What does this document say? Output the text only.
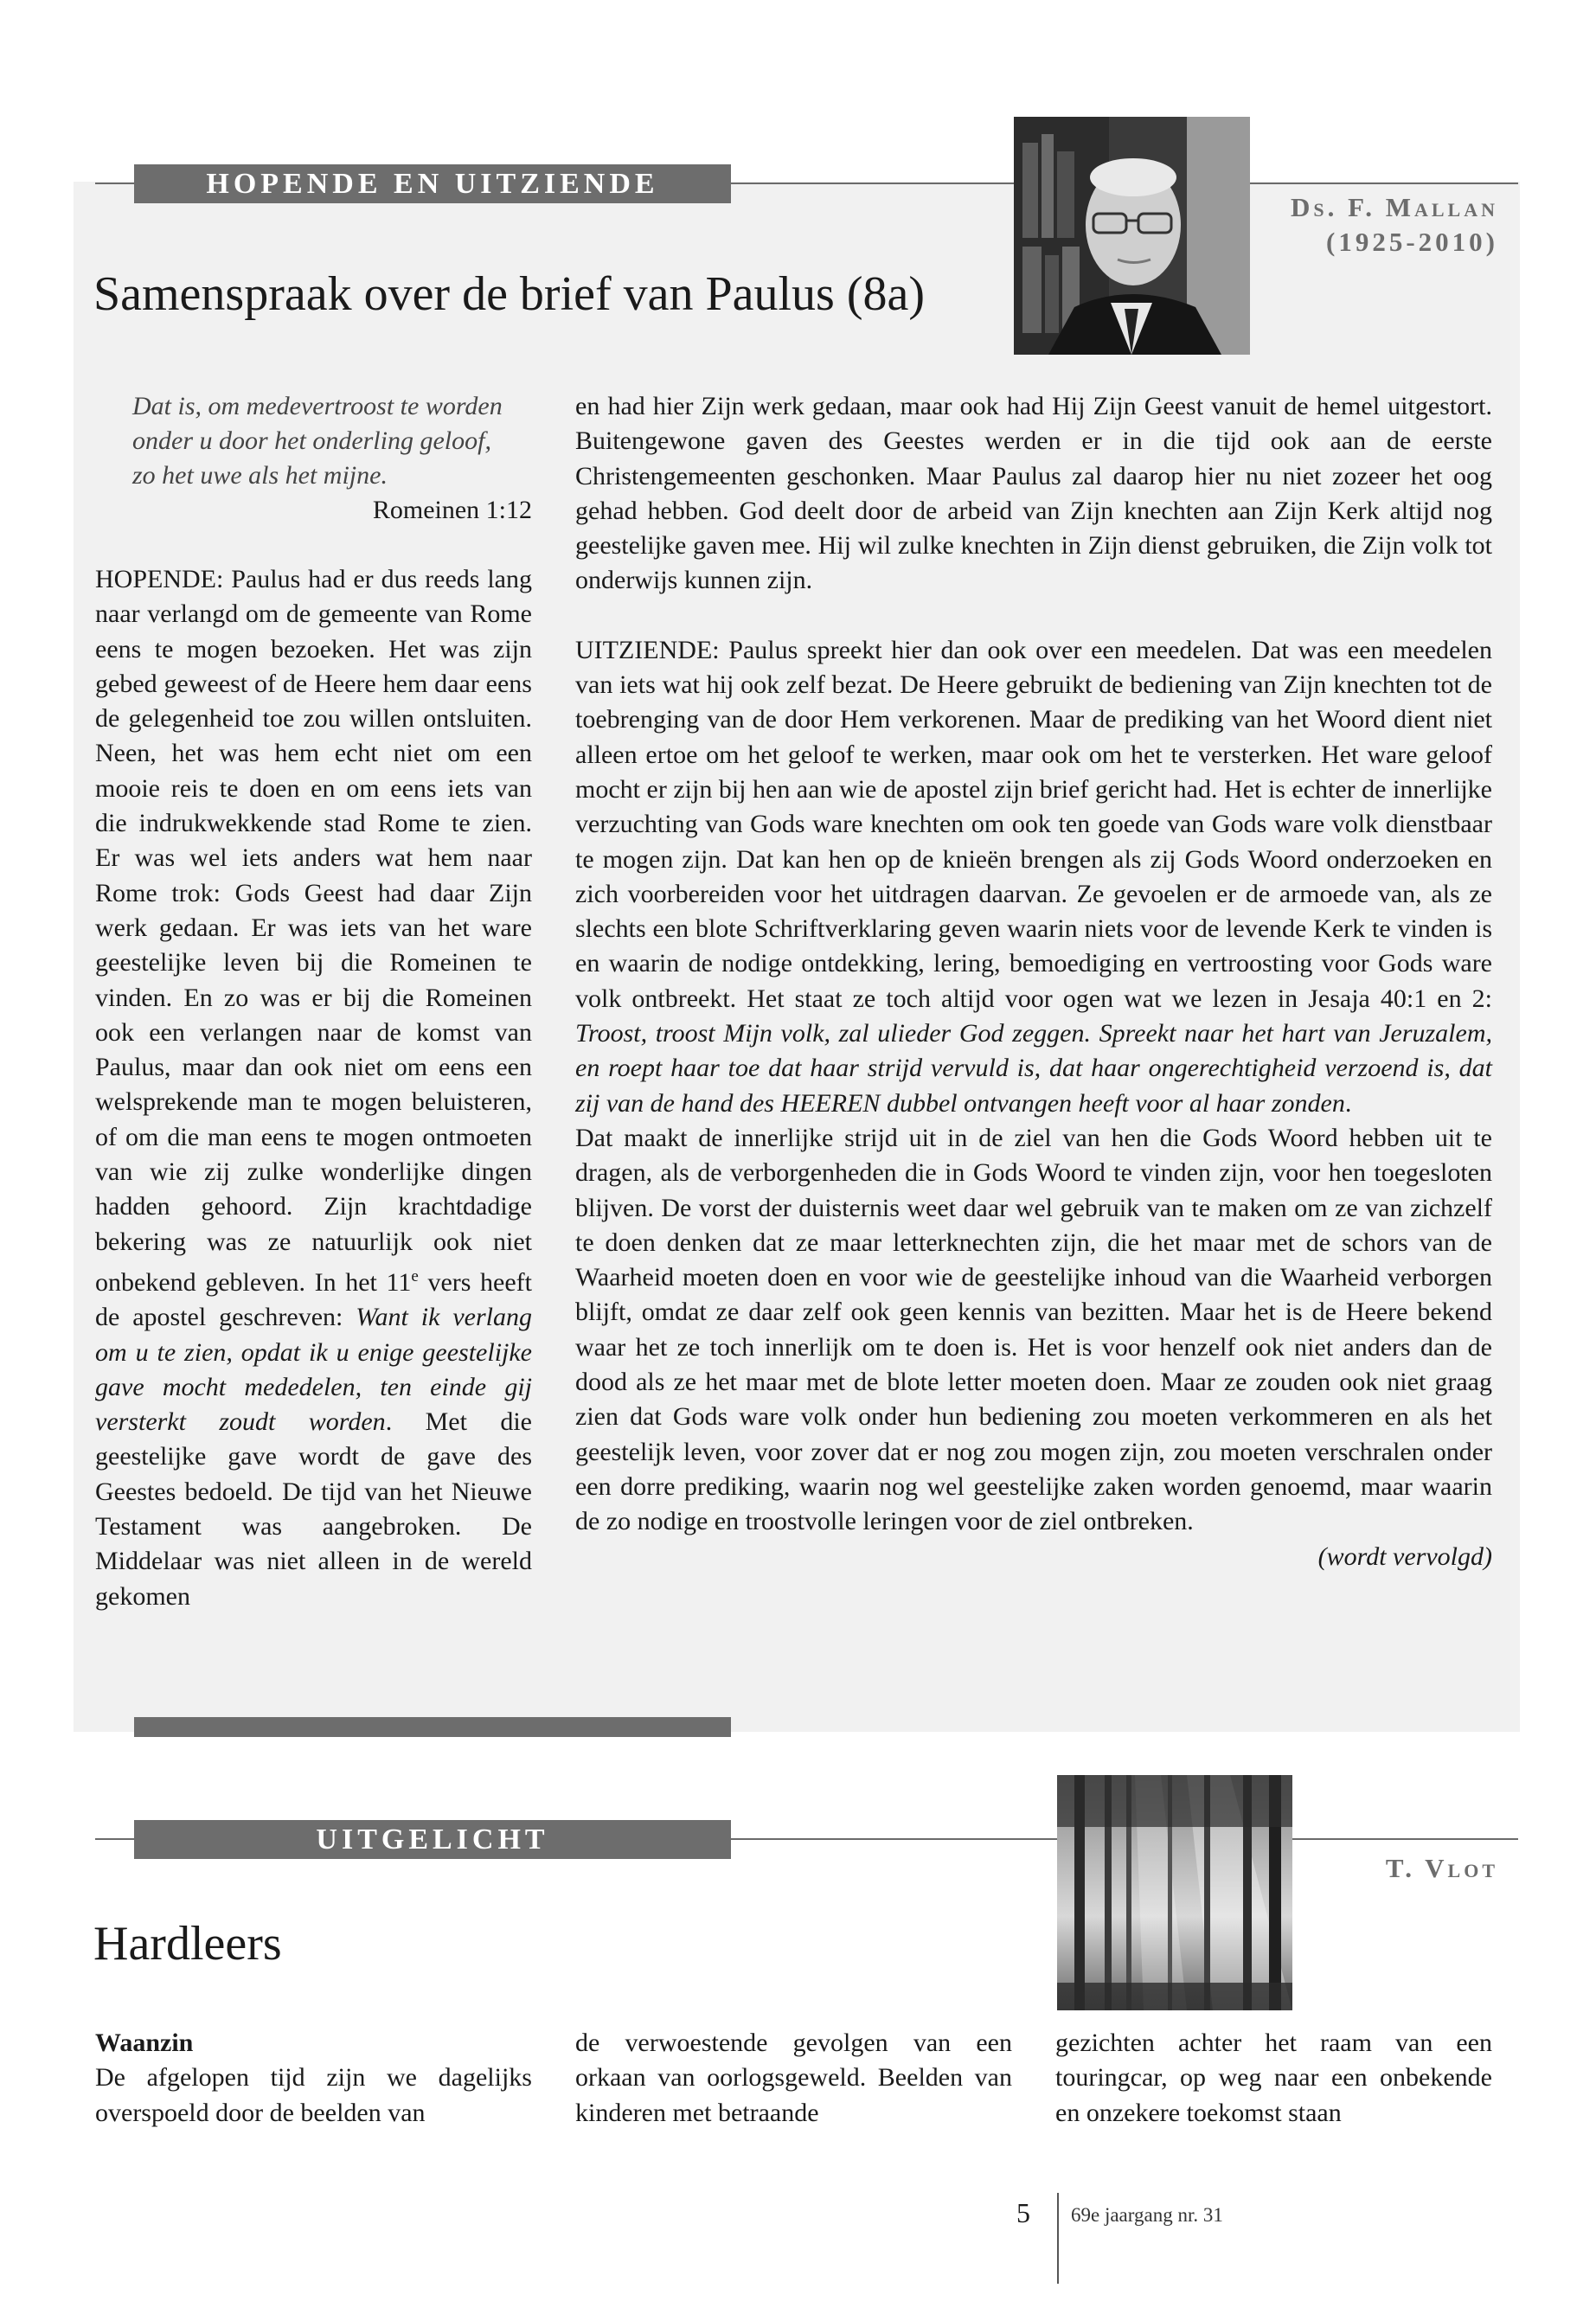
HOPENDE EN UITZIENDE
Ds. F. Mallan
(1925-2010)
Samenspraak over de brief van Paulus (8a)
Dat is, om medevertroost te worden
onder u door het onderling geloof,
zo het uwe als het mijne.
Romeinen 1:12
HOPENDE: Paulus had er dus reeds lang naar verlangd om de gemeente van Rome eens te mogen bezoeken. Het was zijn gebed geweest of de Heere hem daar eens de gelegenheid toe zou willen ontsluiten. Neen, het was hem echt niet om een mooie reis te doen en om eens iets van die indrukwekkende stad Rome te zien. Er was wel iets anders wat hem naar Rome trok: Gods Geest had daar Zijn werk gedaan. Er was iets van het ware geestelijke leven bij die Romeinen te vinden. En zo was er bij die Romeinen ook een verlangen naar de komst van Paulus, maar dan ook niet om eens een welsprekende man te mogen beluisteren, of om die man eens te mogen ontmoeten van wie zij zulke wonderlijke dingen hadden gehoord. Zijn krachtdadige bekering was ze natuurlijk ook niet onbekend gebleven. In het 11e vers heeft de apostel geschreven: Want ik verlang om u te zien, opdat ik u enige geestelijke gave mocht mededelen, ten einde gij versterkt zoudt worden. Met die geestelijke gave wordt de gave des Geestes bedoeld. De tijd van het Nieuwe Testament was aangebroken. De Middelaar was niet alleen in de wereld gekomen

en had hier Zijn werk gedaan, maar ook had Hij Zijn Geest vanuit de hemel uitgestort. Buitengewone gaven des Geestes werden er in die tijd ook aan de eerste Christengemeenten geschonken. Maar Paulus zal daarop hier nu niet zozeer het oog gehad hebben. God deelt door de arbeid van Zijn knechten aan Zijn Kerk altijd nog geestelijke gaven mee. Hij wil zulke knechten in Zijn dienst gebruiken, die Zijn volk tot onderwijs kunnen zijn.

UITZIENDE: Paulus spreekt hier dan ook over een meedelen. Dat was een meedelen van iets wat hij ook zelf bezat. De Heere gebruikt de bediening van Zijn knechten tot de toebrenging van de door Hem verkorenen. Maar de prediking van het Woord dient niet alleen ertoe om het geloof te werken, maar ook om het te versterken. Het ware geloof mocht er zijn bij hen aan wie de apostel zijn brief gericht had. Het is echter de innerlijke verzuchting van Gods ware knechten om ook ten goede van Gods ware volk dienstbaar te mogen zijn. Dat kan hen op de knieën brengen als zij Gods Woord onderzoeken en zich voorbereiden voor het uitdragen daarvan. Ze gevoelen er de armoede van, als ze slechts een blote Schriftverklaring geven waarin niets voor de levende Kerk te vinden is en waarin de nodige ontdekking, lering, bemoediging en vertroosting voor Gods ware volk ontbreekt. Het staat ze toch altijd voor ogen wat we lezen in Jesaja 40:1 en 2: Troost, troost Mijn volk, zal ulieder God zeggen. Spreekt naar het hart van Jeruzalem, en roept haar toe dat haar strijd vervuld is, dat haar ongerechtigheid verzoend is, dat zij van de hand des HEEREN dubbel ontvangen heeft voor al haar zonden.

Dat maakt de innerlijke strijd uit in de ziel van hen die Gods Woord hebben uit te dragen, als de verborgenheden die in Gods Woord te vinden zijn, voor hen toegesloten blijven. De vorst der duisternis weet daar wel gebruik van te maken om ze van zichzelf te doen denken dat ze maar letterknechten zijn, die het maar met de schors van de Waarheid moeten doen en voor wie de geestelijke inhoud van die Waarheid verborgen blijft, omdat ze daar zelf ook geen kennis van bezitten. Maar het is de Heere bekend waar het ze toch innerlijk om te doen is. Het is voor henzelf ook niet anders dan de dood als ze het maar met de blote letter moeten doen. Maar ze zouden ook niet graag zien dat Gods ware volk onder hun bediening zou moeten verkommeren en als het geestelijk leven, voor zover dat er nog zou mogen zijn, zou moeten verschralen onder een dorre prediking, waarin nog wel geestelijke zaken worden genoemd, maar waarin de zo nodige en troostvolle leringen voor de ziel ontbreken.

(wordt vervolgd)
UITGELICHT
T. Vlot
Hardleers
Waanzin

De afgelopen tijd zijn we dagelijks overspoeld door de beelden van

de verwoestende gevolgen van een orkaan van oorlogsgeweld. Beelden van kinderen met betraande

gezichten achter het raam van een touringcar, op weg naar een onbekende en onzekere toekomst staan

5 69e jaargang nr. 31
